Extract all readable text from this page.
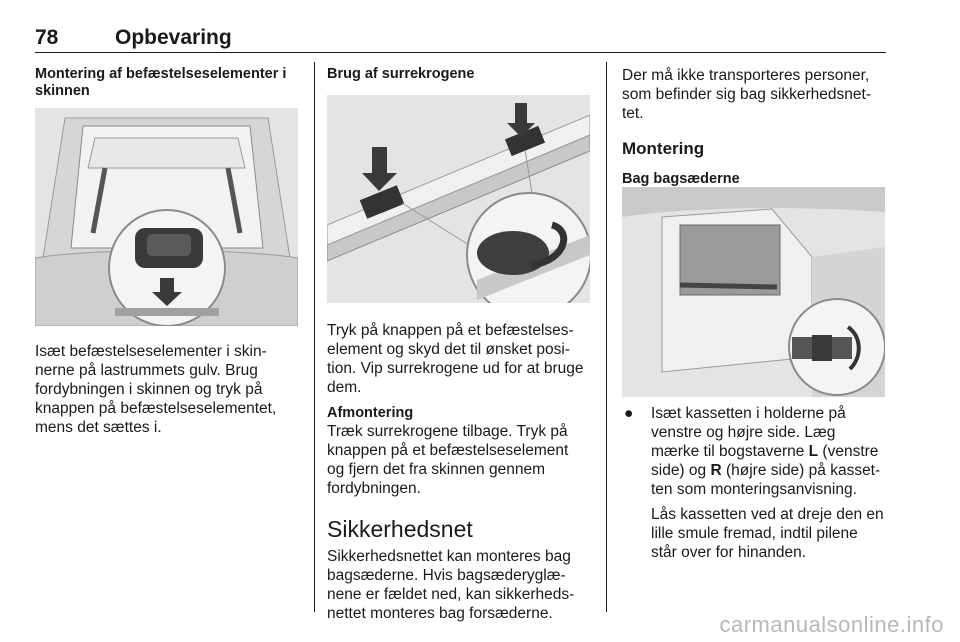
78	Opbevaring

Montering af befæstelseselementer i skinnen

Isæt befæstelseselementer i skin-
nerne på lastrummets gulv. Brug
fordybningen i skinnen og tryk på
knappen på befæstelseselementet,
mens det sættes i.

Brug af surrekrogene

Tryk på knappen på et befæstelses-
element og skyd det til ønsket posi-
tion. Vip surrekrogene ud for at bruge
dem.

Afmontering

Træk surrekrogene tilbage. Tryk på
knappen på et befæstelseselement
og fjern det fra skinnen gennem
fordybningen.

Sikkerhedsnet

Sikkerhedsnettet kan monteres bag
bagsæderne. Hvis bagsæderyglæ-
nene er fældet ned, kan sikkerheds-
nettet monteres bag forsæderne.

Der må ikke transporteres personer,
som befinder sig bag sikkerhedsnet-
tet.

Montering

Bag bagsæderne

●	Isæt kassetten i holderne på
venstre og højre side. Læg
mærke til bogstaverne L (venstre
side) og R (højre side) på kasset-
ten som monteringsanvisning.

Lås kassetten ved at dreje den en
lille smule fremad, indtil pilene
står over for hinanden.

carmanualsonline.info
